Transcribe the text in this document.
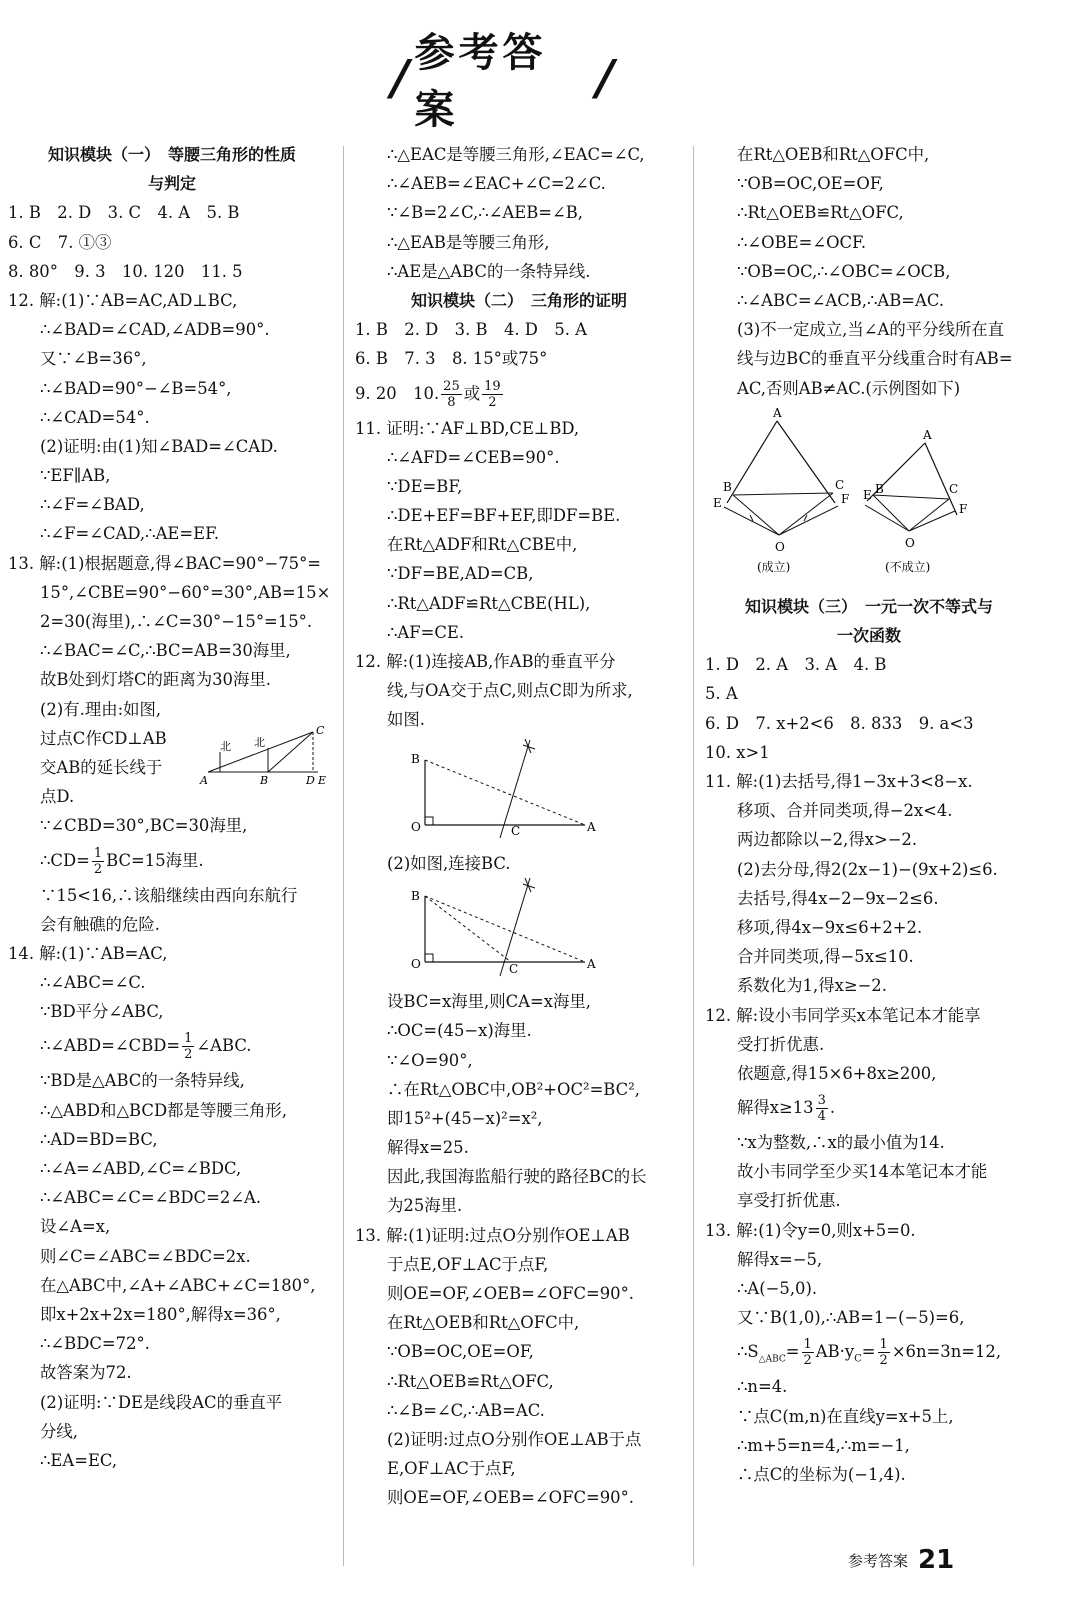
/ 参考答案
/
知识模块（一）　等腰三角形的性质
与判定
1. B　2. D　3. C　4. A　5. B
6. C　7. ①③
8. 80°　9. 3　10. 120　11. 5
12. 解:(1)∵AB=AC,AD⊥BC,
∴∠BAD=∠CAD,∠ADB=90°.
又∵∠B=36°,
∴∠BAD=90°−∠B=54°,
∴∠CAD=54°.
(2)证明:由(1)知∠BAD=∠CAD.
∵EF∥AB,
∴∠F=∠BAD,
∴∠F=∠CAD,∴AE=EF.
13. 解:(1)根据题意,得∠BAC=90°−75°=
15°,∠CBE=90°−60°=30°,AB=15×
2=30(海里),∴∠C=30°−15°=15°.
∴∠BAC=∠C,∴BC=AB=30海里,
故B处到灯塔C的距离为30海里.
(2)有.理由:如图,
北 北
A	B
C
D E
过点C作CD⊥AB
交AB的延长线于
点D.
∵∠CBD=30°,BC=30海里,
∴CD= $\frac{1}{2} BC=15$海里.
∵15<16,∴该船继续由西向东航行
会有触礁的危险.
14. 解:(1)∵AB=AC,
∴∠ABC=∠C.
∵BD平分∠ABC,
∴∠ABD=∠CBD= $\frac{1}{2}$ ∠ABC.
∵BD是△ABC的一条特异线,
∴△ABD和△BCD都是等腰三角形,
∴AD=BD=BC,
∴∠A=∠ABD,∠C=∠BDC,
∴∠ABC=∠C=∠BDC=2∠A.
设∠A=x,
则∠C=∠ABC=∠BDC=2x.
在△ABC中,∠A+∠ABC+∠C=180°,
即x+2x+2x=180°,解得x=36°,
∴∠BDC=72°.
故答案为72.
(2)证明:∵DE是线段AC的垂直平
分线,
∴EA=EC,
∴△EAC是等腰三角形,∠EAC=∠C,
∴∠AEB=∠EAC+∠C=2∠C.
∵∠B=2∠C,∴∠AEB=∠B,
∴△EAB是等腰三角形,
∴AE是△ABC的一条特异线.
知识模块（二）　三角形的证明
1. B　2. D　3. B　4. D　5. A
6. B　7. 3　8. 15°或75°
9. 20　10. $\frac{25}{8}$ 或 $\frac{19}{2}$
11. 证明:∵AF⊥BD,CE⊥BD,
∴∠AFD=∠CEB=90°.
∵DE=BF,
∴DE+EF=BF+EF,即DF=BE.
在Rt△ADF和Rt△CBE中,
∵DF=BE,AD=CB,
∴Rt△ADF≌Rt△CBE(HL),
∴AF=CE.
12. 解:(1)连接AB,作AB的垂直平分
线,与OA交于点C,则点C即为所求,
如图.
B
O	C	A
(2)如图,连接BC.
B
O	C	A
设BC=x海里,则CA=x海里,
∴OC=(45−x)海里.
∵∠O=90°,
∴在Rt△OBC中,OB²+OC²=BC²,
即15²+(45−x)²=x²,
解得x=25.
因此,我国海监船行驶的路径BC的长
为25海里.
13. 解:(1)证明:过点O分别作OE⊥AB
于点E,OF⊥AC于点F,
则OE=OF,∠OEB=∠OFC=90°.
在Rt△OEB和Rt△OFC中,
∵OB=OC,OE=OF,
∴Rt△OEB≌Rt△OFC,
∴∠B=∠C,∴AB=AC.
(2)证明:过点O分别作OE⊥AB于点
E,OF⊥AC于点F,
则OE=OF,∠OEB=∠OFC=90°.
在Rt△OEB和Rt△OFC中,
∵OB=OC,OE=OF,
∴Rt△OEB≌Rt△OFC,
∴∠OBE=∠OCF.
∵OB=OC,∴∠OBC=∠OCB,
∴∠ABC=∠ACB,∴AB=AC.
(3)不一定成立,当∠A的平分线所在直
线与边BC的垂直平分线重合时有AB=
AC,否则AB≠AC.(示例图如下)
A
B	C
E	F
O
(成立)
A
B	C
E
F
O
(不成立)
知识模块（三）　一元一次不等式与
一次函数
1. D　2. A　3. A　4. B
5. A
6. D　7. x+2<6　8. 833　9. a<3
10. x>1
11. 解:(1)去括号,得1−3x+3<8−x.
移项、合并同类项,得−2x<4.
两边都除以−2,得x>−2.
(2)去分母,得2(2x−1)−(9x+2)≤6.
去括号,得4x−2−9x−2≤6.
移项,得4x−9x≤6+2+2.
合并同类项,得−5x≤10.
系数化为1,得x≥−2.
12. 解:设小韦同学买x本笔记本才能享
受打折优惠.
依题意,得15×6+8x≥200,
解得$x\ge 13 \frac{3}{4}$ .
∵x为整数,∴x的最小值为14.
故小韦同学至少买14本笔记本才能
享受打折优惠.
13. 解:(1)令y=0,则x+5=0.
解得x=−5,
∴A(−5,0).
又∵B(1,0),∴AB=1−(−5)=6,
$\therefore S_{\triangle ABC}= \frac{1}{2} AB\cdot y_C= \frac{1}{2} \times 6n=3n=12$,
∴n=4.
∵点C(m,n)在直线y=x+5上,
∴m+5=n=4,∴m=−1,
∴点C的坐标为(−1,4).
参考答案 21
